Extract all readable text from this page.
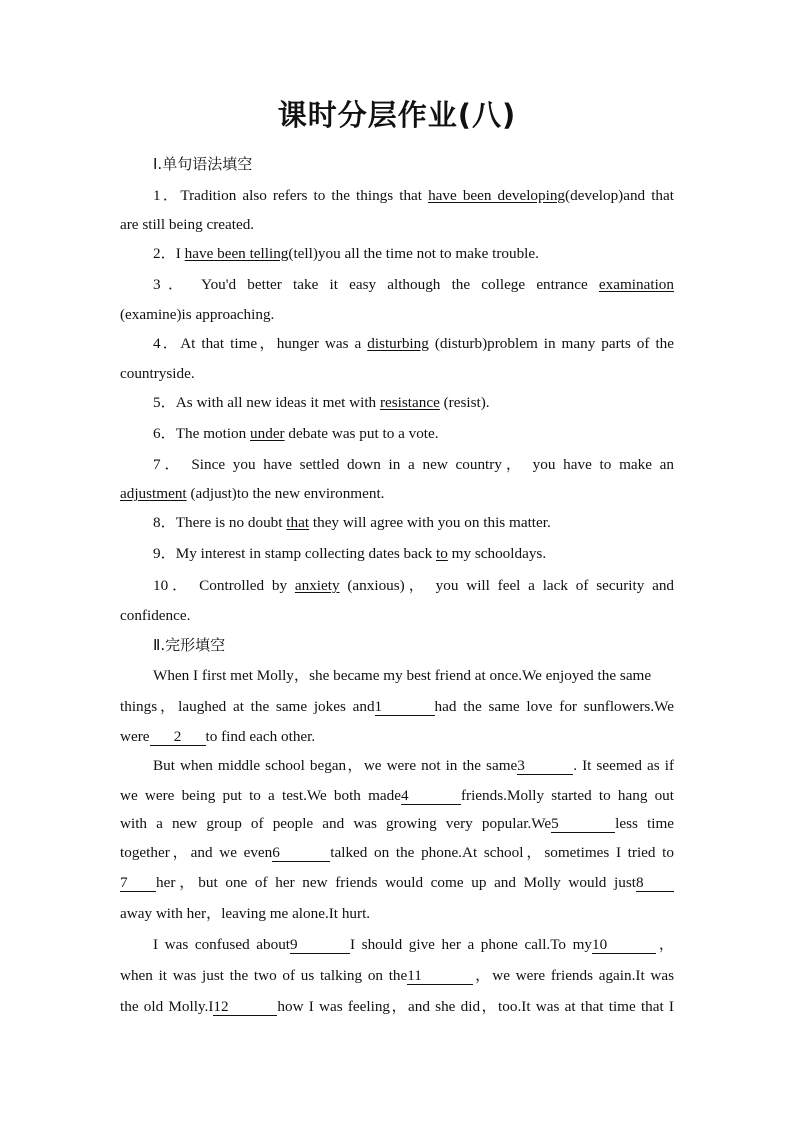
课时分层作业(八)
Ⅰ.单句语法填空
1．Tradition also refers to the things that have been developing(develop)and that
are still being created.
2．I have been telling(tell)you all the time not to make trouble.
3． You'd better take it easy although the college entrance examination
(examine)is approaching.
4．At that time，hunger was a disturbing (disturb)problem in many parts of the
countryside.
5．As with all new ideas it met with resistance (resist).
6．The motion under debate was put to a vote.
7． Since you have settled down in a new country， you have to make an
adjustment (adjust)to the new environment.
8．There is no doubt that they will agree with you on this matter.
9．My interest in stamp collecting dates back to my schooldays.
10． Controlled by anxiety (anxious)， you will feel a lack of security and
confidence.
Ⅱ.完形填空
When I first met Molly，she became my best friend at once.We enjoyed the same
things，laughed at the same jokes and1	had the same love for sunflowers.We
were 2 to find each other.
But when middle school began，we were not in the same3	. It seemed as if
we were being put to a test.We both made4	friends.Molly started to hang out
with a new group of people and was growing very popular.We5	less time
together，and we even6	talked on the phone.At school，sometimes I tried to
7 her，but one of her new friends would come up and Molly would just8
away with her，leaving me alone.It hurt.
I was confused about9	I should give her a phone call.To my10	，
when it was just the two of us talking on the11	，we were friends again.It was
the old Molly.I12	how I was feeling，and she did，too.It was at that time that I
